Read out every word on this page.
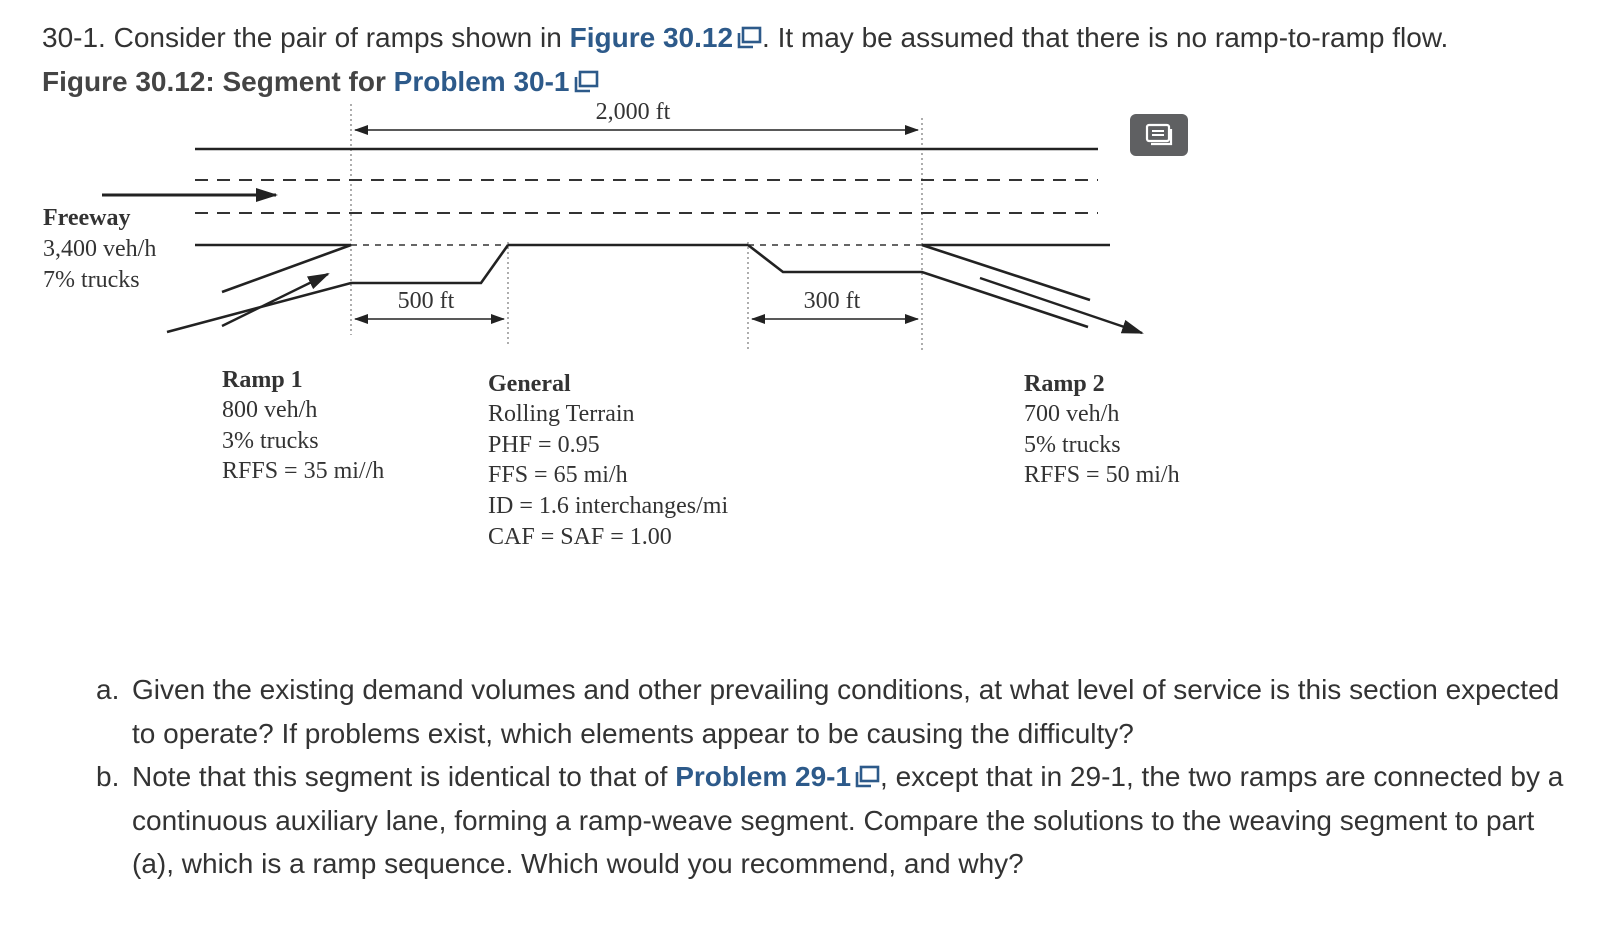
30-1. Consider the pair of ramps shown in Figure 30.12 . It may be assumed that there is no ramp-to-ramp flow.

Figure 30.12: Segment for Problem 30-1

2,000 ft
500 ft	300 ft
Freeway
3,400 veh/h
7% trucks
Ramp 1
800 veh/h
3% trucks
RFFS = 35 mi//h
General
Rolling Terrain
PHF = 0.95
FFS = 65 mi/h
ID = 1.6 interchanges/mi
CAF = SAF = 1.00
Ramp 2
700 veh/h
5% trucks
RFFS = 50 mi/h
a. Given the existing demand volumes and other prevailing conditions, at what level of service is this section expected to operate? If problems exist, which elements appear to be causing the difficulty?
b. Note that this segment is identical to that of Problem 29-1 , except that in 29-1, the two ramps are connected by a continuous auxiliary lane, forming a ramp-weave segment. Compare the solutions to the weaving segment to part (a), which is a ramp sequence. Which would you recommend, and why?
